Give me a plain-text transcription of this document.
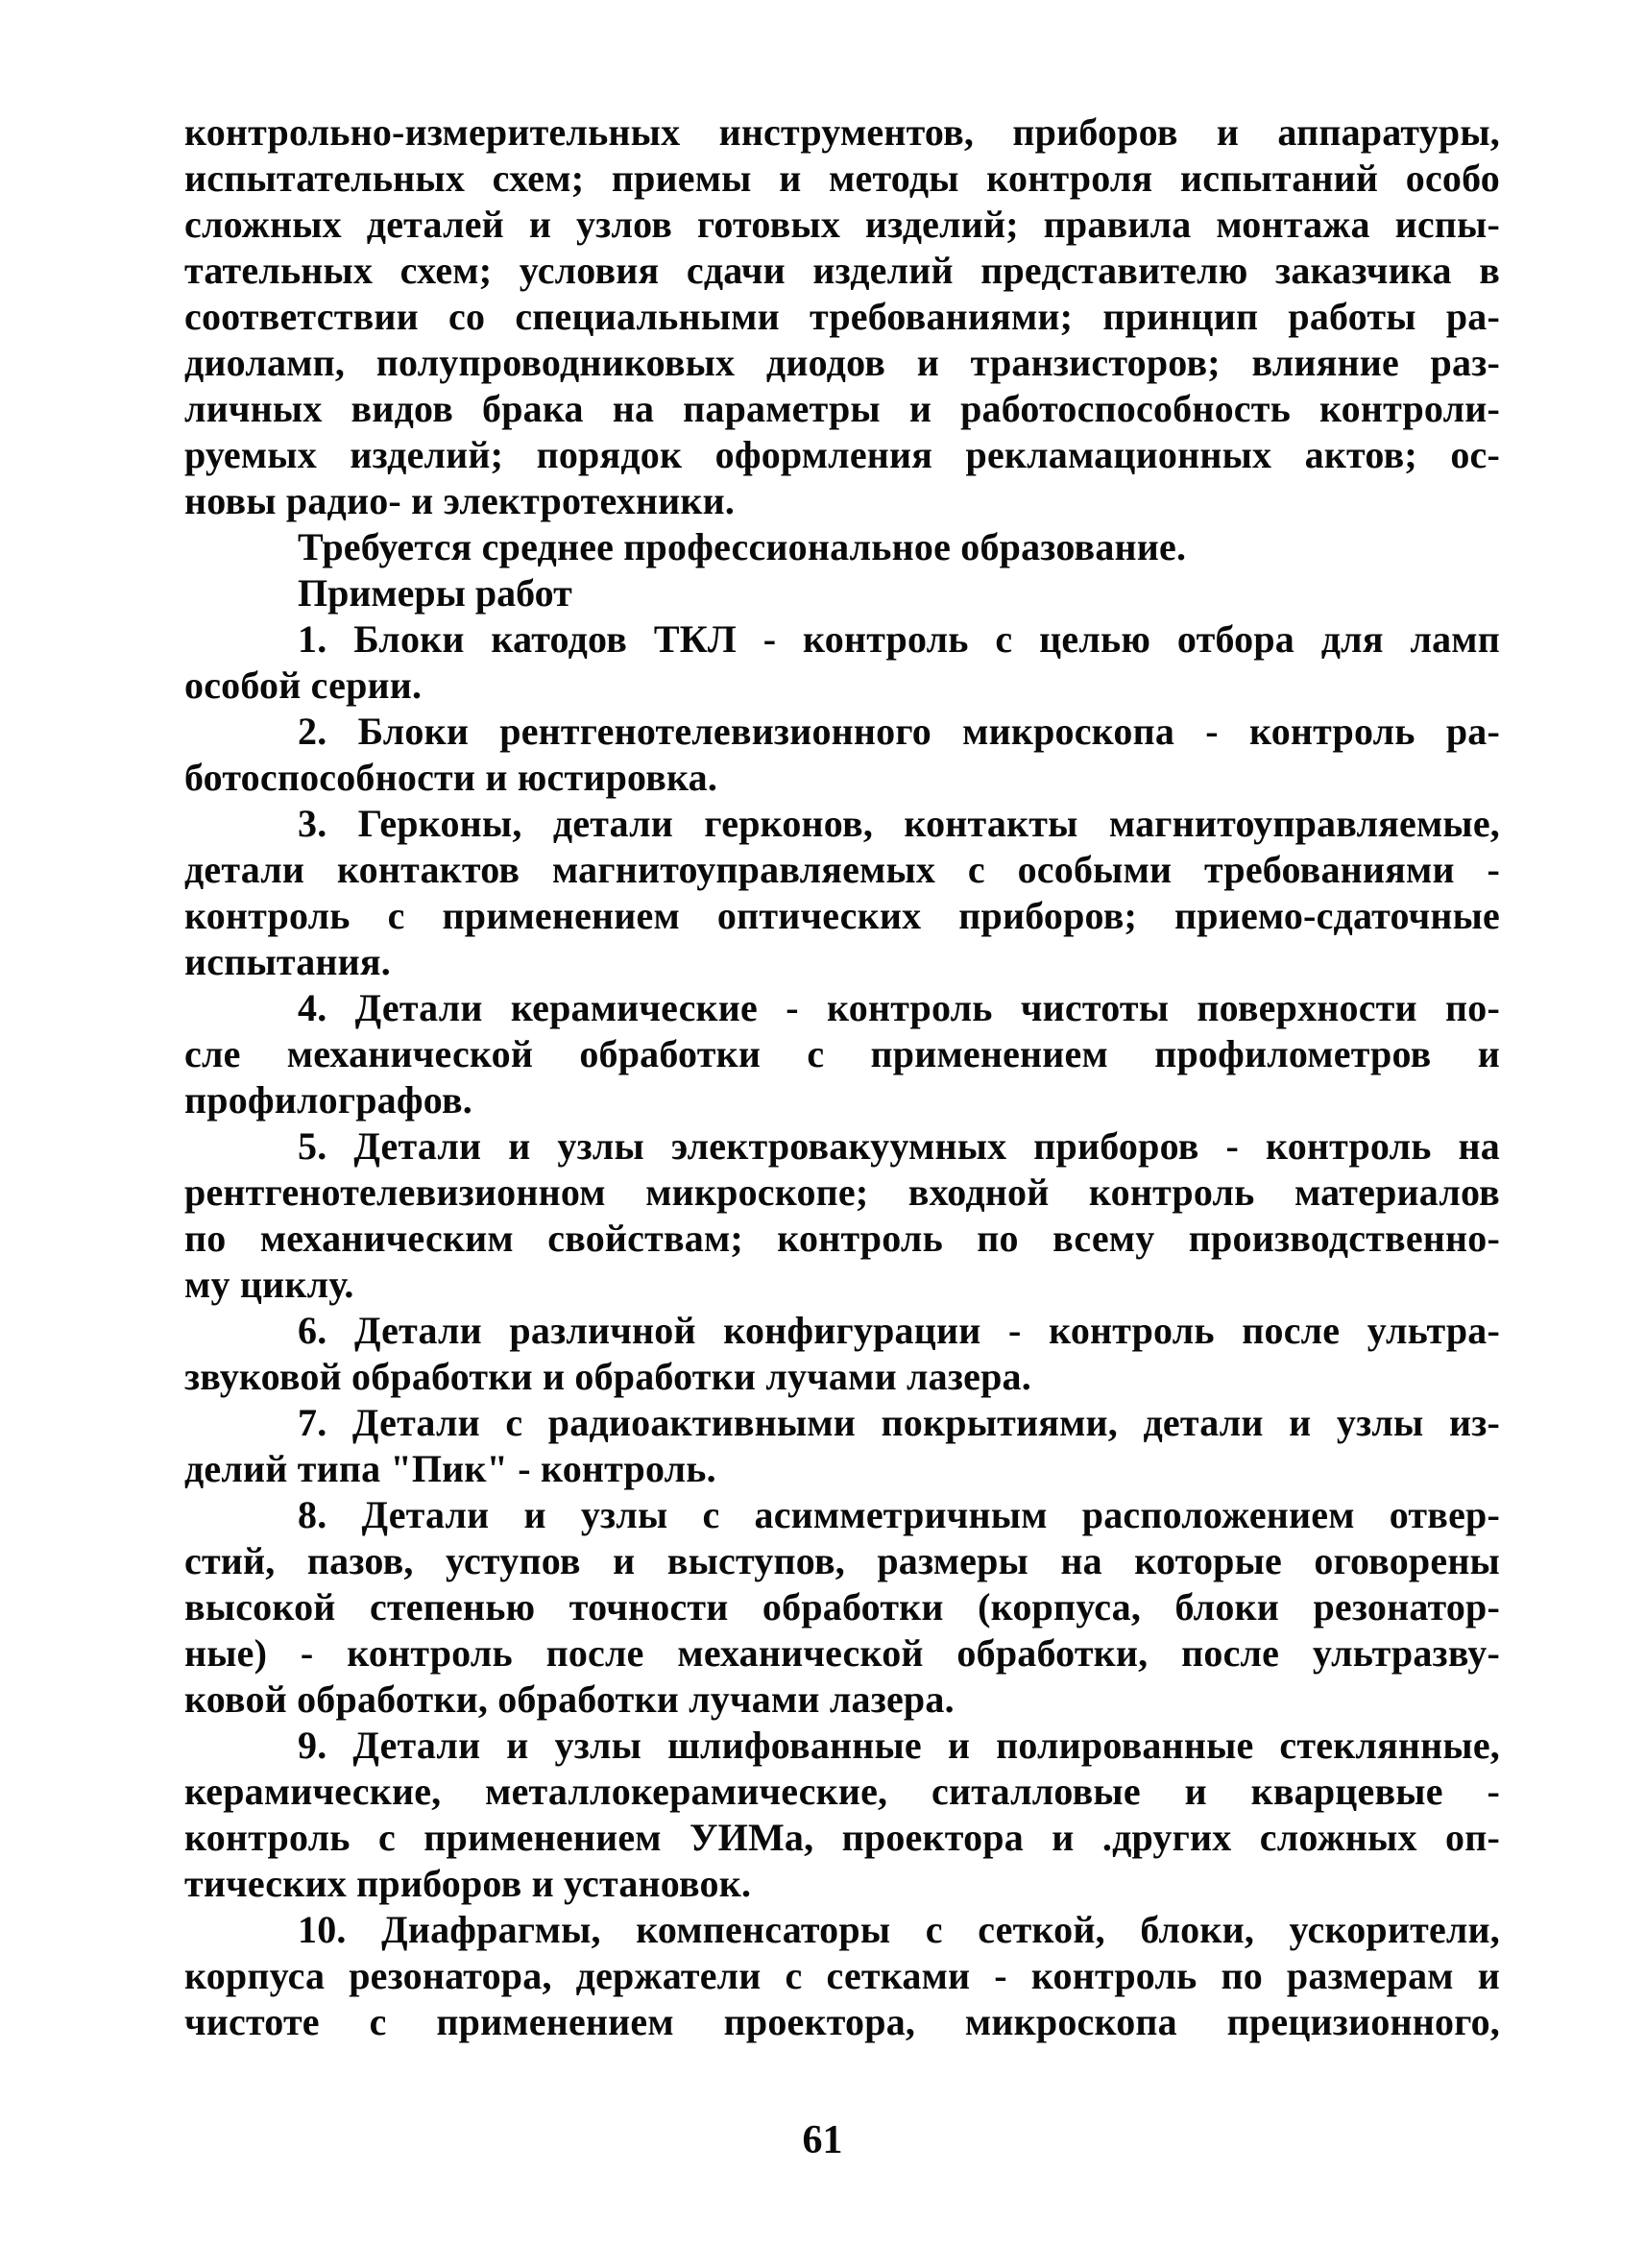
контрольно-измерительных инструментов, приборов и аппаратуры,
испытательных схем; приемы и методы контроля испытаний особо
сложных деталей и узлов готовых изделий; правила монтажа испы-
тательных схем; условия сдачи изделий представителю заказчика в
соответствии со специальными требованиями; принцип работы ра-
диоламп, полупроводниковых диодов и транзисторов; влияние раз-
личных видов брака на параметры и работоспособность контроли-
руемых изделий; порядок оформления рекламационных актов; ос-
новы радио- и электротехники.
Требуется среднее профессиональное образование.
Примеры работ
1. Блоки катодов ТКЛ - контроль с целью отбора для ламп
особой серии.
2. Блоки рентгенотелевизионного микроскопа - контроль ра-
ботоспособности и юстировка.
3. Герконы, детали герконов, контакты магнитоуправляемые,
детали контактов магнитоуправляемых с особыми требованиями -
контроль с применением оптических приборов; приемо-сдаточные
испытания.
4. Детали керамические - контроль чистоты поверхности по-
сле механической обработки с применением профилометров и
профилографов.
5. Детали и узлы электровакуумных приборов - контроль на
рентгенотелевизионном микроскопе; входной контроль материалов
по механическим свойствам; контроль по всему производственно-
му циклу.
6. Детали различной конфигурации - контроль после ультра-
звуковой обработки и обработки лучами лазера.
7. Детали с радиоактивными покрытиями, детали и узлы из-
делий типа "Пик" - контроль.
8. Детали и узлы с асимметричным расположением отвер-
стий, пазов, уступов и выступов, размеры на которые оговорены
высокой степенью точности обработки (корпуса, блоки резонатор-
ные) - контроль после механической обработки, после ультразву-
ковой обработки, обработки лучами лазера.
9. Детали и узлы шлифованные и полированные стеклянные,
керамические, металлокерамические, ситалловые и кварцевые -
контроль с применением УИМа, проектора и .других сложных оп-
тических приборов и установок.
10. Диафрагмы, компенсаторы с сеткой, блоки, ускорители,
корпуса резонатора, держатели с сетками - контроль по размерам и
чистоте с применением проектора, микроскопа прецизионного,
61
